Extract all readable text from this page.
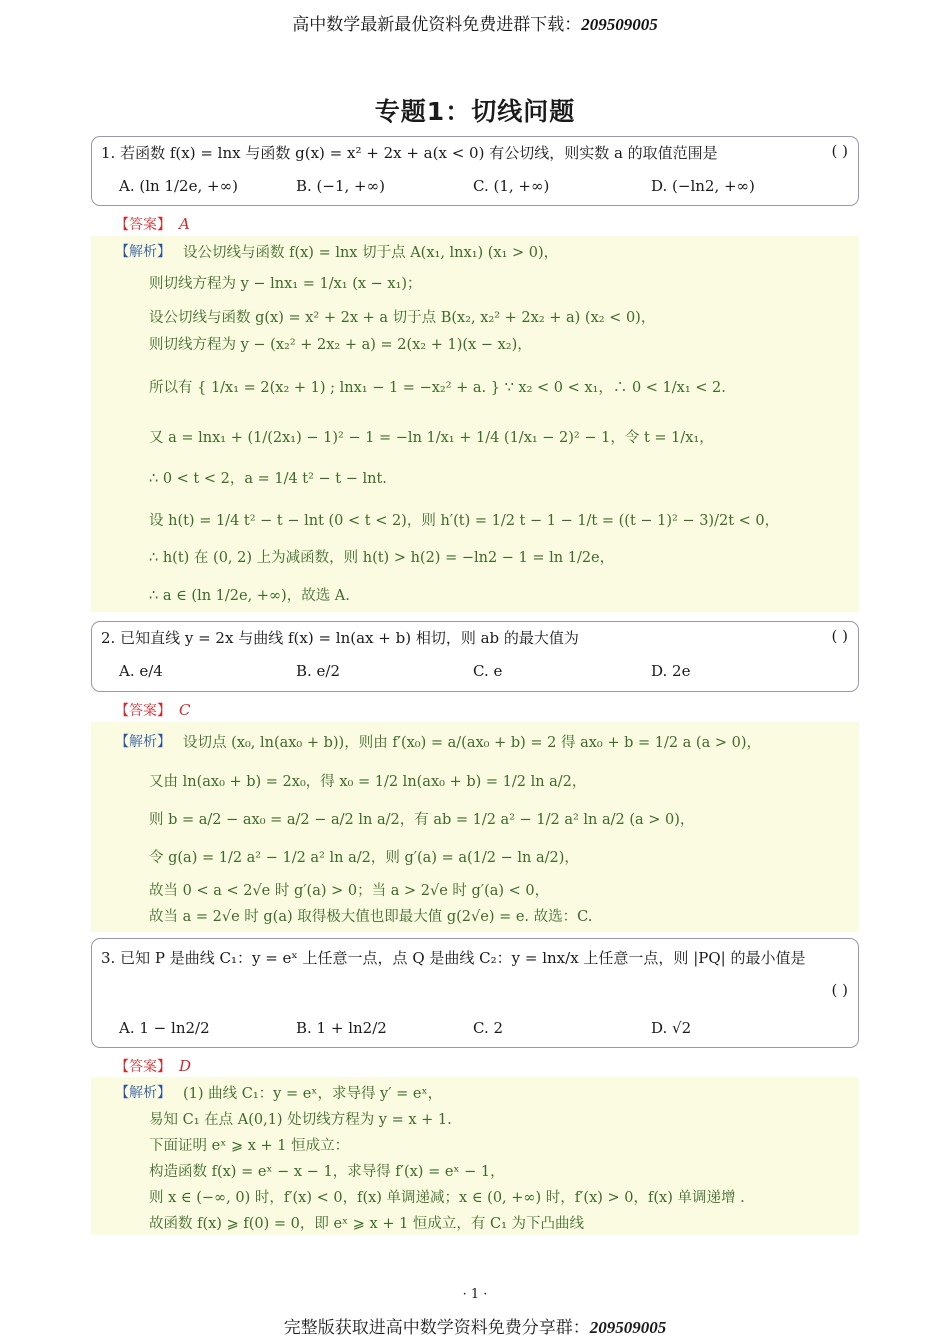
高中数学最新最优资料免费进群下载：209509005
专题1：切线问题
1. 若函数 f(x) = lnx 与函数 g(x) = x² + 2x + a(x < 0) 有公切线，则实数 a 的取值范围是	( )
A. (ln 1/2e, +∞)	B. (−1, +∞)	C. (1, +∞)	D. (−ln2, +∞)
【答案】 A
【解析】 设公切线与函数 f(x) = lnx 切于点 A(x₁, lnx₁) (x₁ > 0)，
则切线方程为 y − lnx₁ = 1/x₁ (x − x₁)；
设公切线与函数 g(x) = x² + 2x + a 切于点 B(x₂, x₂² + 2x₂ + a) (x₂ < 0)，
则切线方程为 y − (x₂² + 2x₂ + a) = 2(x₂ + 1)(x − x₂)，
所以有 { 1/x₁ = 2(x₂ + 1) ; lnx₁ − 1 = −x₂² + a. } ∵ x₂ < 0 < x₁，∴ 0 < 1/x₁ < 2.
又 a = lnx₁ + (1/(2x₁) − 1)² − 1 = −ln 1/x₁ + 1/4 (1/x₁ − 2)² − 1，令 t = 1/x₁，
∴ 0 < t < 2，a = 1/4 t² − t − lnt.
设 h(t) = 1/4 t² − t − lnt (0 < t < 2)，则 h′(t) = 1/2 t − 1 − 1/t = ((t − 1)² − 3)/2t < 0，
∴ h(t) 在 (0, 2) 上为减函数，则 h(t) > h(2) = −ln2 − 1 = ln 1/2e，
∴ a ∈ (ln 1/2e, +∞)，故选 A.
2. 已知直线 y = 2x 与曲线 f(x) = ln(ax + b) 相切，则 ab 的最大值为	( )
A. e/4	B. e/2	C. e	D. 2e
【答案】 C
【解析】 设切点 (x₀, ln(ax₀ + b))，则由 f′(x₀) = a/(ax₀ + b) = 2 得 ax₀ + b = 1/2 a (a > 0)，
又由 ln(ax₀ + b) = 2x₀，得 x₀ = 1/2 ln(ax₀ + b) = 1/2 ln a/2，
则 b = a/2 − ax₀ = a/2 − a/2 ln a/2，有 ab = 1/2 a² − 1/2 a² ln a/2 (a > 0)，
令 g(a) = 1/2 a² − 1/2 a² ln a/2，则 g′(a) = a(1/2 − ln a/2)，
故当 0 < a < 2√e 时 g′(a) > 0；当 a > 2√e 时 g′(a) < 0，
故当 a = 2√e 时 g(a) 取得极大值也即最大值 g(2√e) = e. 故选：C.
3. 已知 P 是曲线 C₁：y = eˣ 上任意一点，点 Q 是曲线 C₂：y = lnx/x 上任意一点，则 |PQ| 的最小值是
( )
A. 1 − ln2/2	B. 1 + ln2/2	C. 2	D. √2
【答案】 D
【解析】 (1) 曲线 C₁：y = eˣ，求导得 y′ = eˣ，
易知 C₁ 在点 A(0,1) 处切线方程为 y = x + 1.
下面证明 eˣ ⩾ x + 1 恒成立：
构造函数 f(x) = eˣ − x − 1，求导得 f′(x) = eˣ − 1，
则 x ∈ (−∞, 0) 时，f′(x) < 0，f(x) 单调递减；x ∈ (0, +∞) 时，f′(x) > 0，f(x) 单调递增 .
故函数 f(x) ⩾ f(0) = 0，即 eˣ ⩾ x + 1 恒成立，有 C₁ 为下凸曲线
· 1 ·
完整版获取进高中数学资料免费分享群：209509005
